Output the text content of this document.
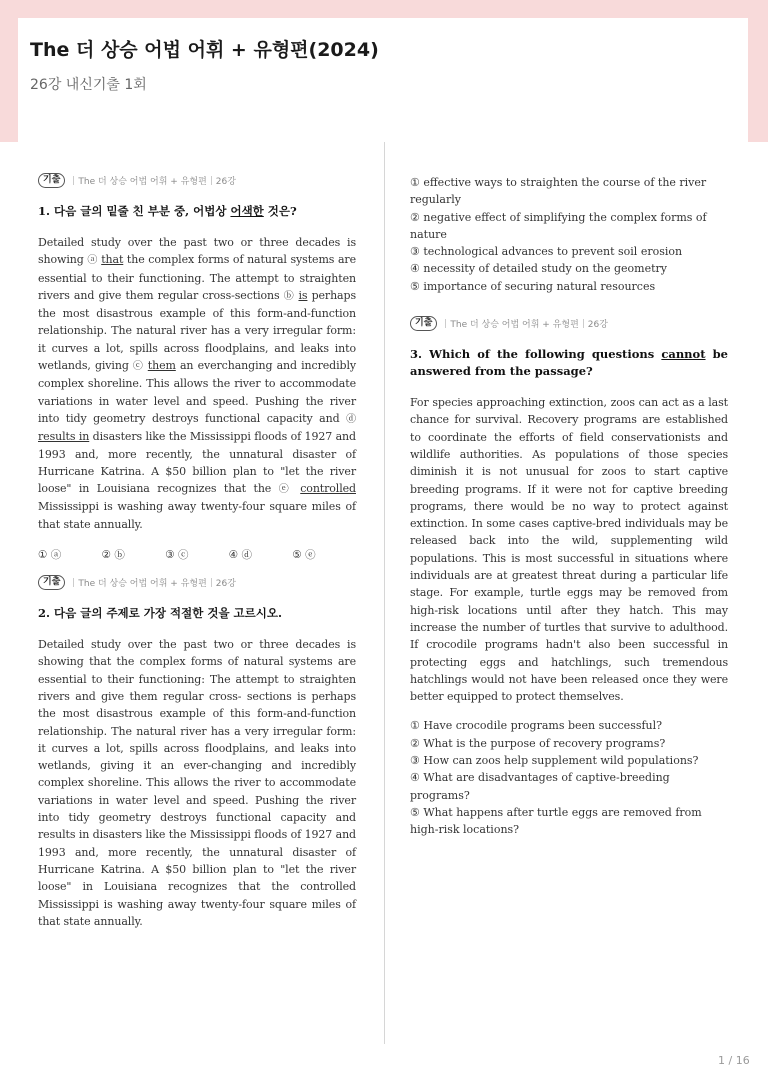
The 더 상승 어법 어휘 + 유형편(2024)
26강 내신기출 1회
기출	The 더 상승 어법 어휘 + 유형편 26강

1. 다음 글의 밑줄 친 부분 중, 어법상 어색한 것은?

Detailed study over the past two or three decades is showing ⓐ that the complex forms of natural systems are essential to their functioning. The attempt to straighten rivers and give them regular cross-sections ⓑ is perhaps the most disastrous example of this form-and-function relationship. The natural river has a very irregular form: it curves a lot, spills across floodplains, and leaks into wetlands, giving ⓒ them an everchanging and incredibly complex shoreline. This allows the river to accommodate variations in water level and speed. Pushing the river into tidy geometry destroys functional capacity and ⓓ results in disasters like the Mississippi floods of 1927 and 1993 and, more recently, the unnatural disaster of Hurricane Katrina. A $50 billion plan to "let the river loose" in Louisiana recognizes that the ⓔ controlled Mississippi is washing away twenty-four square miles of that state annually.

① ⓐ	② ⓑ	③ ⓒ	④ ⓓ	⑤ ⓔ
기출	The 더 상승 어법 어휘 + 유형편 26강

2. 다음 글의 주제로 가장 적절한 것을 고르시오.

Detailed study over the past two or three decades is showing that the complex forms of natural systems are essential to their functioning: The attempt to straighten rivers and give them regular cross- sections is perhaps the most disastrous example of this form-and-function relationship. The natural river has a very irregular form: it curves a lot, spills across floodplains, and leaks into wetlands, giving it an ever-changing and incredibly complex shoreline. This allows the river to accommodate variations in water level and speed. Pushing the river into tidy geometry destroys functional capacity and results in disasters like the Mississippi floods of 1927 and 1993 and, more recently, the unnatural disaster of Hurricane Katrina. A $50 billion plan to "let the river loose" in Louisiana recognizes that the controlled Mississippi is washing away twenty-four square miles of that state annually.

① effective ways to straighten the course of the river regularly
② negative effect of simplifying the complex forms of nature
③ technological advances to prevent soil erosion
④ necessity of detailed study on the geometry
⑤ importance of securing natural resources
기출	The 더 상승 어법 어휘 + 유형편 26강

3. Which of the following questions cannot be answered from the passage?

For species approaching extinction, zoos can act as a last chance for survival. Recovery programs are established to coordinate the efforts of field conservationists and wildlife authorities. As populations of those species diminish it is not unusual for zoos to start captive breeding programs. If it were not for captive breeding programs, there would be no way to protect against extinction. In some cases captive-bred individuals may be released back into the wild, supplementing wild populations. This is most successful in situations where individuals are at greatest threat during a particular life stage. For example, turtle eggs may be removed from high-risk locations until after they hatch. This may increase the number of turtles that survive to adulthood. If crocodile programs hadn't also been successful in protecting eggs and hatchlings, such tremendous hatchlings would not have been released once they were better equipped to protect themselves.

① Have crocodile programs been successful?
② What is the purpose of recovery programs?
③ How can zoos help supplement wild populations?
④ What are disadvantages of captive-breeding programs?
⑤ What happens after turtle eggs are removed from high-risk locations?
1 / 16
